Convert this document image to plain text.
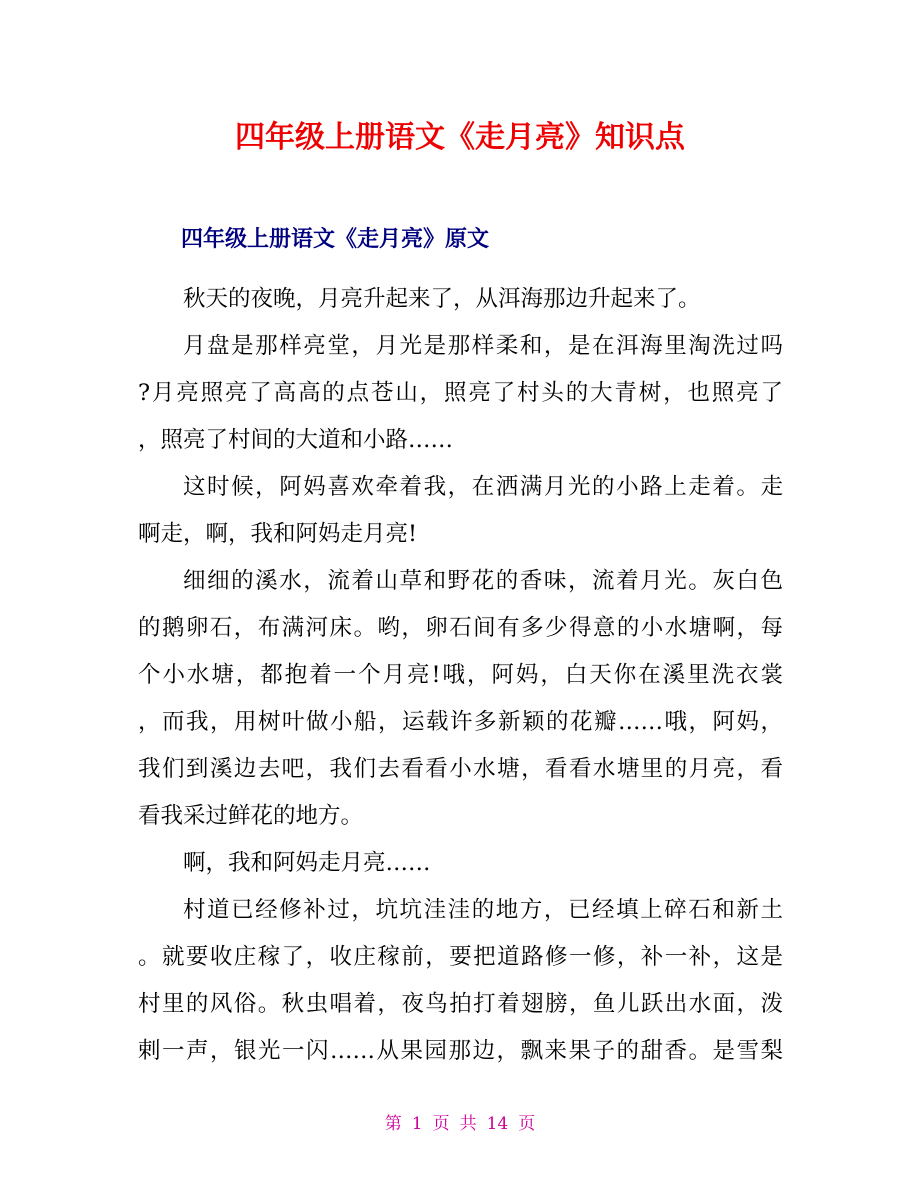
四年级上册语文《走月亮》知识点
四年级上册语文《走月亮》原文
秋天的夜晚，月亮升起来了，从洱海那边升起来了。
月盘是那样亮堂，月光是那样柔和，是在洱海里淘洗过吗
?月亮照亮了高高的点苍山，照亮了村头的大青树，也照亮了
，照亮了村间的大道和小路……
这时候，阿妈喜欢牵着我，在洒满月光的小路上走着。走
啊走，啊，我和阿妈走月亮!
细细的溪水，流着山草和野花的香味，流着月光。灰白色
的鹅卵石，布满河床。哟，卵石间有多少得意的小水塘啊，每
个小水塘，都抱着一个月亮!哦，阿妈，白天你在溪里洗衣裳
，而我，用树叶做小船，运载许多新颖的花瓣……哦，阿妈，
我们到溪边去吧，我们去看看小水塘，看看水塘里的月亮，看
看我采过鲜花的地方。
啊，我和阿妈走月亮……
村道已经修补过，坑坑洼洼的地方，已经填上碎石和新土
。就要收庄稼了，收庄稼前，要把道路修一修，补一补，这是
村里的风俗。秋虫唱着，夜鸟拍打着翅膀，鱼儿跃出水面，泼
剌一声，银光一闪……从果园那边，飘来果子的甜香。是雪梨
第 1 页 共 14 页
